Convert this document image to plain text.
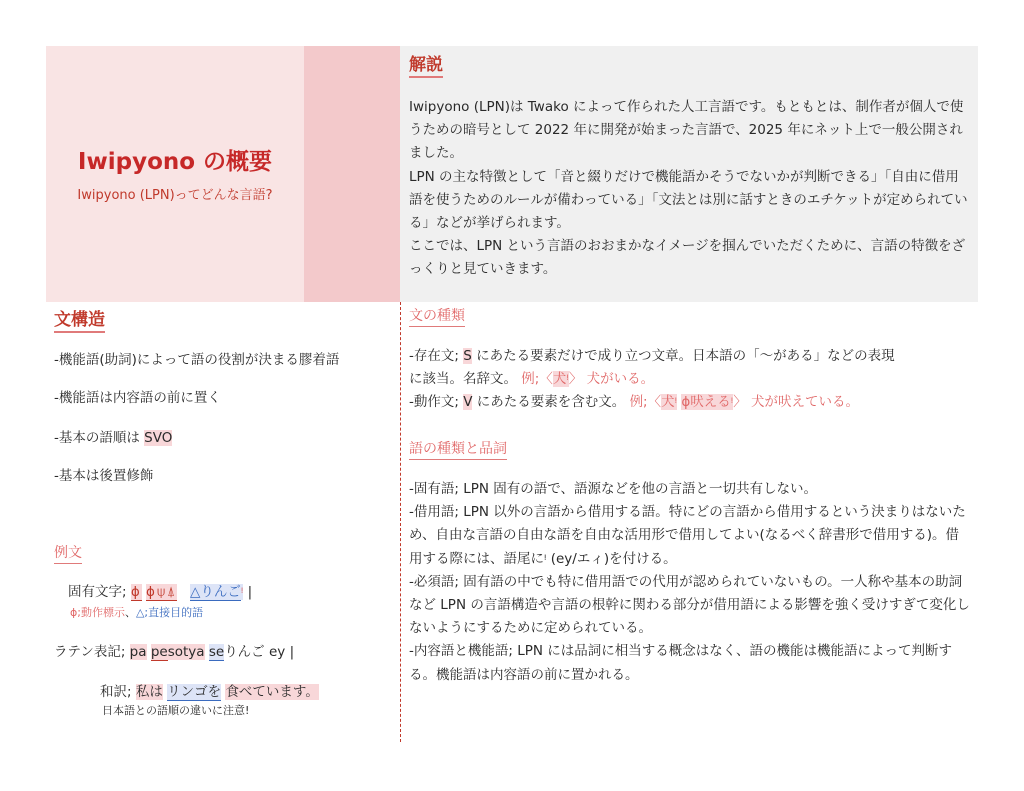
Iwipyono の概要
Iwipyono (LPN)ってどんな言語?
解説

Iwipyono (LPN)は Twako によって作られた人工言語です。もともとは、制作者が個人で使うための暗号として 2022 年に開発が始まった言語で、2025 年にネット上で一般公開されました。

LPN の主な特徴として「音と綴りだけで機能語かそうでないかが判断できる」「自由に借用語を使うためのルールが備わっている」「文法とは別に話すときのエチケットが定められている」などが挙げられます。

ここでは、LPN という言語のおおまかなイメージを掴んでいただくために、言語の特徴をざっくりと見ていきます。

文構造
-機能語(助詞)によって語の役割が決まる膠着語
-機能語は内容語の前に置く
-基本の語順は SVO
-基本は後置修飾
例文
固有文字; ɸ ɸ⍦⍋ △りんごᵎ |
ɸ;動作標示、△;直接目的語
ラテン表記; pa pesotya seりんご ey |
和訳; 私は リンゴを 食べています。
日本語との語順の違いに注意!
文の種類
-存在文; S にあたる要素だけで成り立つ文章。日本語の「～がある」などの表現
に該当。名辞文。 例;〈犬ᵎ〉 犬がいる。
-動作文; V にあたる要素を含む文。 例;〈犬ᵎ ɸ吠えるᵎ〉 犬が吠えている。
語の種類と品詞

-固有語; LPN 固有の語で、語源などを他の言語と一切共有しない。

-借用語; LPN 以外の言語から借用する語。特にどの言語から借用するという決まりはないため、自由な言語の自由な語を自由な活用形で借用してよい(なるべく辞書形で借用する)。借用する際には、語尾にᵎ (ey/エィ)を付ける。

-必須語; 固有語の中でも特に借用語での代用が認められていないもの。一人称や基本の助詞など LPN の言語構造や言語の根幹に関わる部分が借用語による影響を強く受けすぎて変化しないようにするために定められている。

-内容語と機能語; LPN には品詞に相当する概念はなく、語の機能は機能語によって判断する。機能語は内容語の前に置かれる。
